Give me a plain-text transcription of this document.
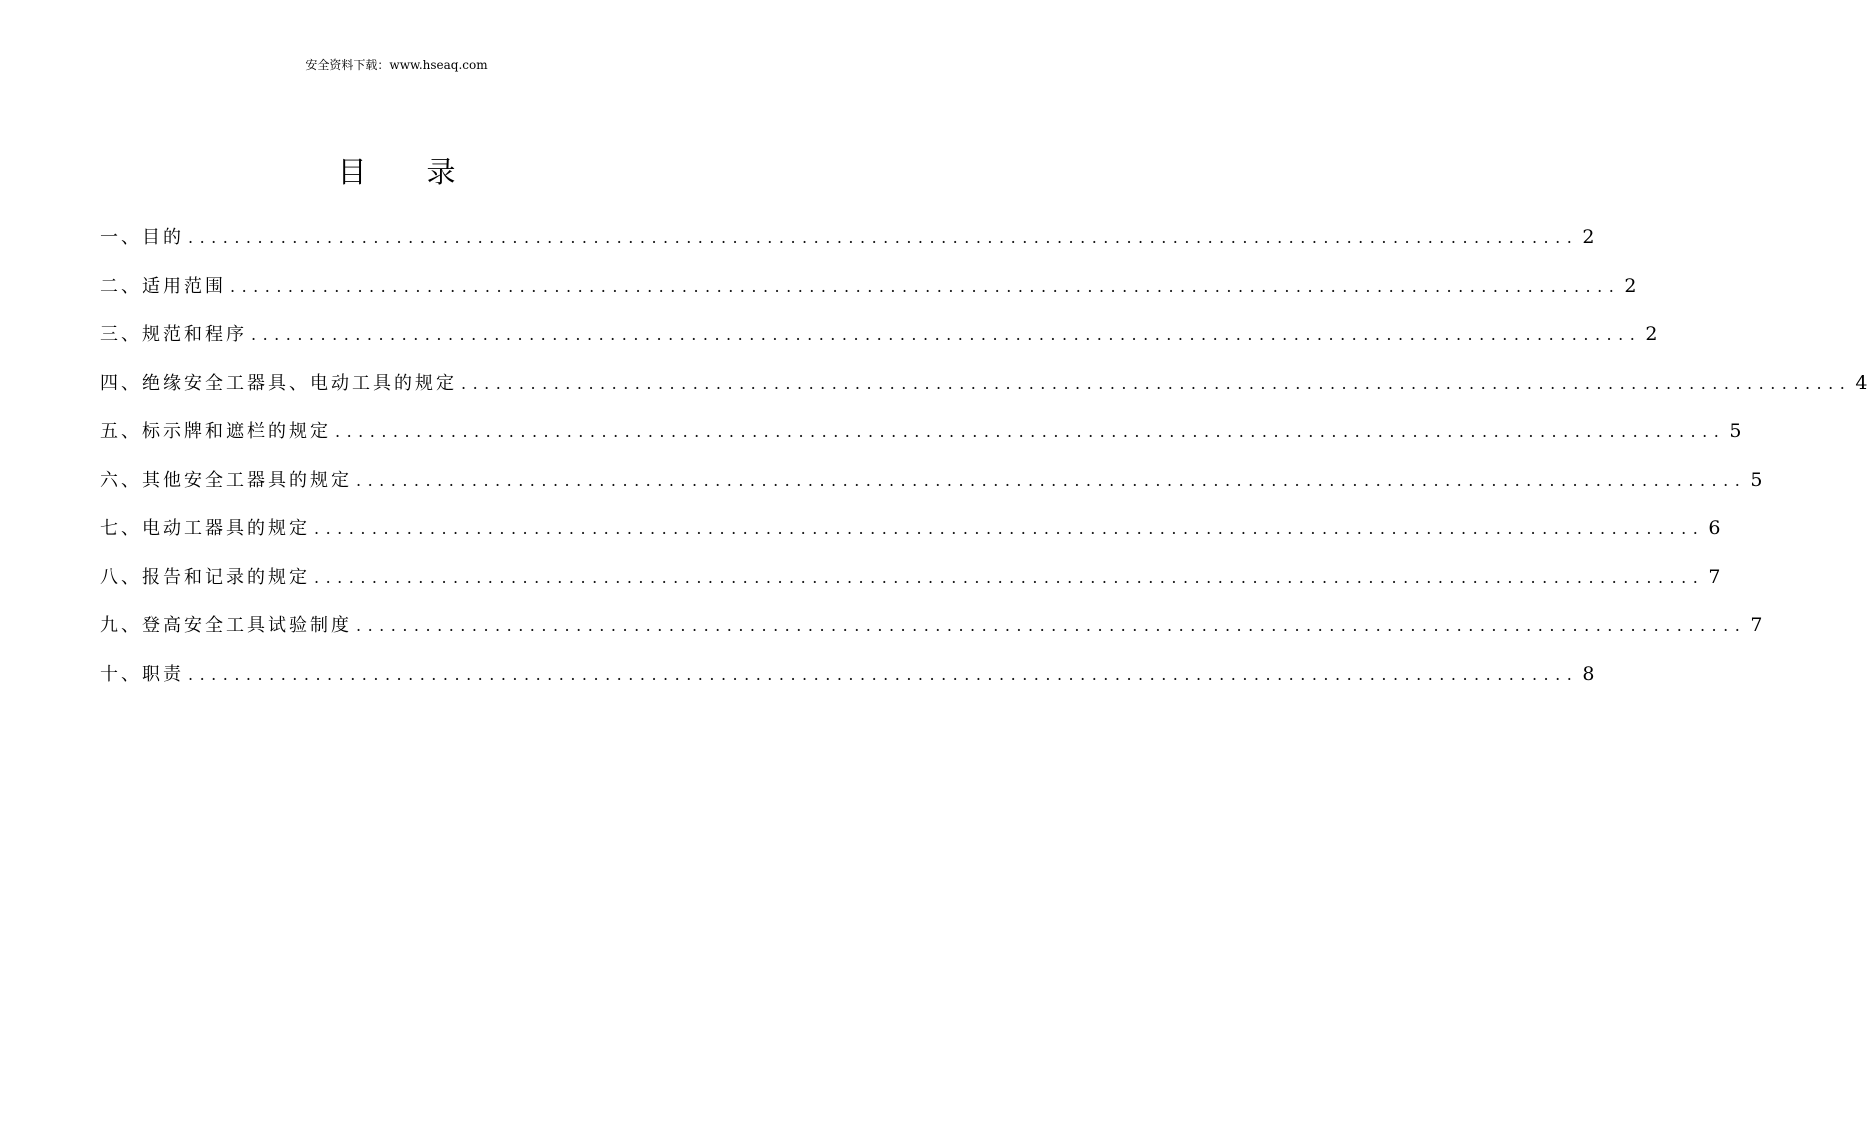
安全资料下载：www.hseaq.com
目 录
一、目的 ........................................................................................................................ 2
二、适用范围 ........................................................................................................................ 2
三、规范和程序 ........................................................................................................................ 2
四、绝缘安全工器具、电动工具的规定 ........................................................................................................................ 4
五、标示牌和遮栏的规定 ........................................................................................................................ 5
六、其他安全工器具的规定 ........................................................................................................................ 5
七、电动工器具的规定 ........................................................................................................................ 6
八、报告和记录的规定 ........................................................................................................................ 7
九、登高安全工具试验制度 ........................................................................................................................ 7
十、职责 ........................................................................................................................ 8
